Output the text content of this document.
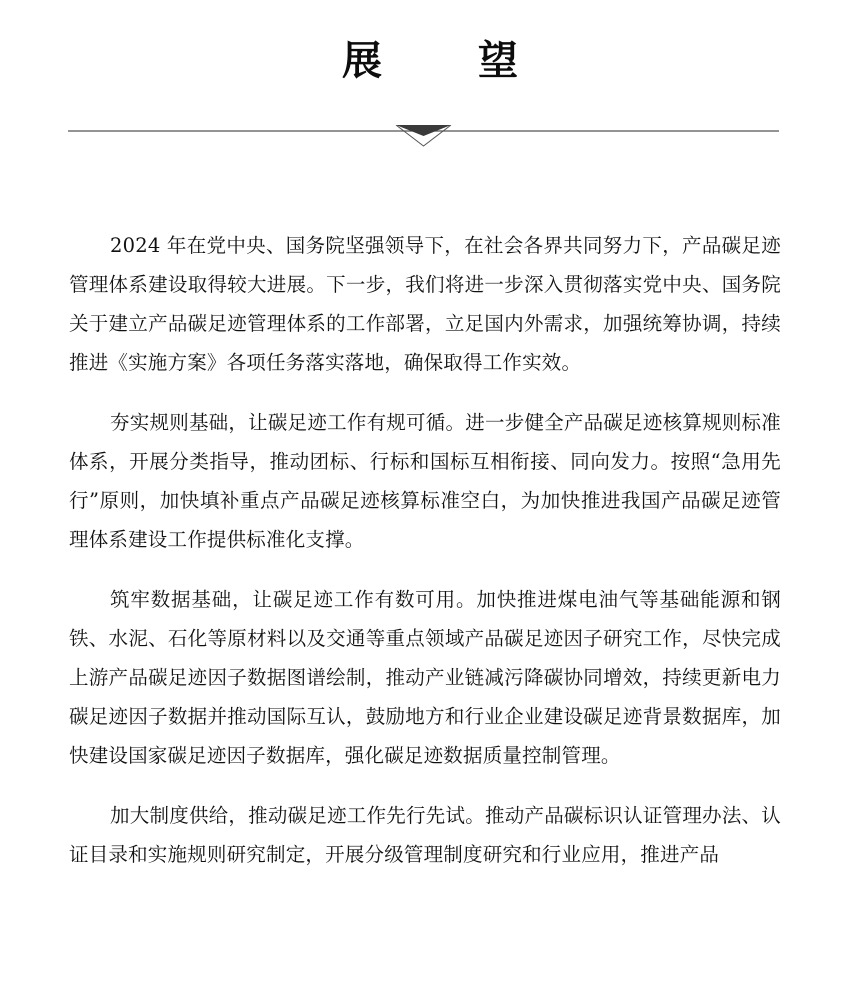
展　望

2024 年在党中央、国务院坚强领导下，在社会各界共同努力下，产品碳足迹管理体系建设取得较大进展。下一步，我们将进一步深入贯彻落实党中央、国务院关于建立产品碳足迹管理体系的工作部署，立足国内外需求，加强统筹协调，持续推进《实施方案》各项任务落实落地，确保取得工作实效。

夯实规则基础，让碳足迹工作有规可循。进一步健全产品碳足迹核算规则标准体系，开展分类指导，推动团标、行标和国标互相衔接、同向发力。按照“急用先行”原则，加快填补重点产品碳足迹核算标准空白，为加快推进我国产品碳足迹管理体系建设工作提供标准化支撑。

筑牢数据基础，让碳足迹工作有数可用。加快推进煤电油气等基础能源和钢铁、水泥、石化等原材料以及交通等重点领域产品碳足迹因子研究工作，尽快完成上游产品碳足迹因子数据图谱绘制，推动产业链减污降碳协同增效，持续更新电力碳足迹因子数据并推动国际互认，鼓励地方和行业企业建设碳足迹背景数据库，加快建设国家碳足迹因子数据库，强化碳足迹数据质量控制管理。

加大制度供给，推动碳足迹工作先行先试。推动产品碳标识认证管理办法、认证目录和实施规则研究制定，开展分级管理制度研究和行业应用，推进产品
